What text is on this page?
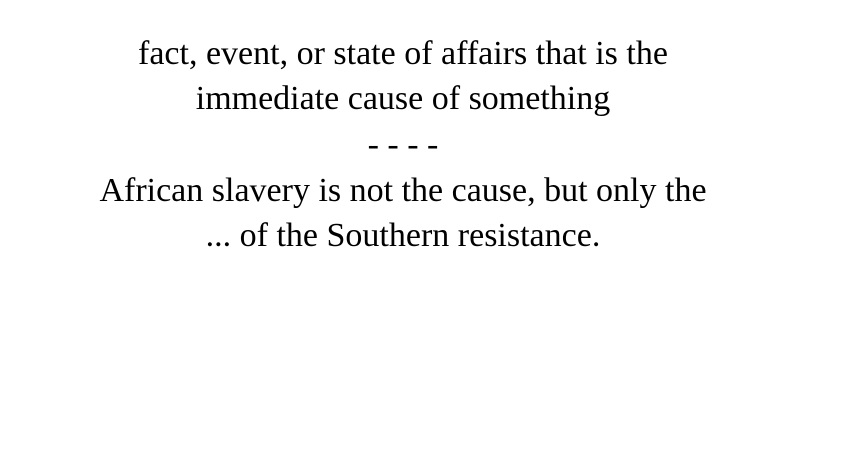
fact, event, or state of affairs that is the
immediate cause of something
- - - -
African slavery is not the cause, but only the
... of the Southern resistance.
